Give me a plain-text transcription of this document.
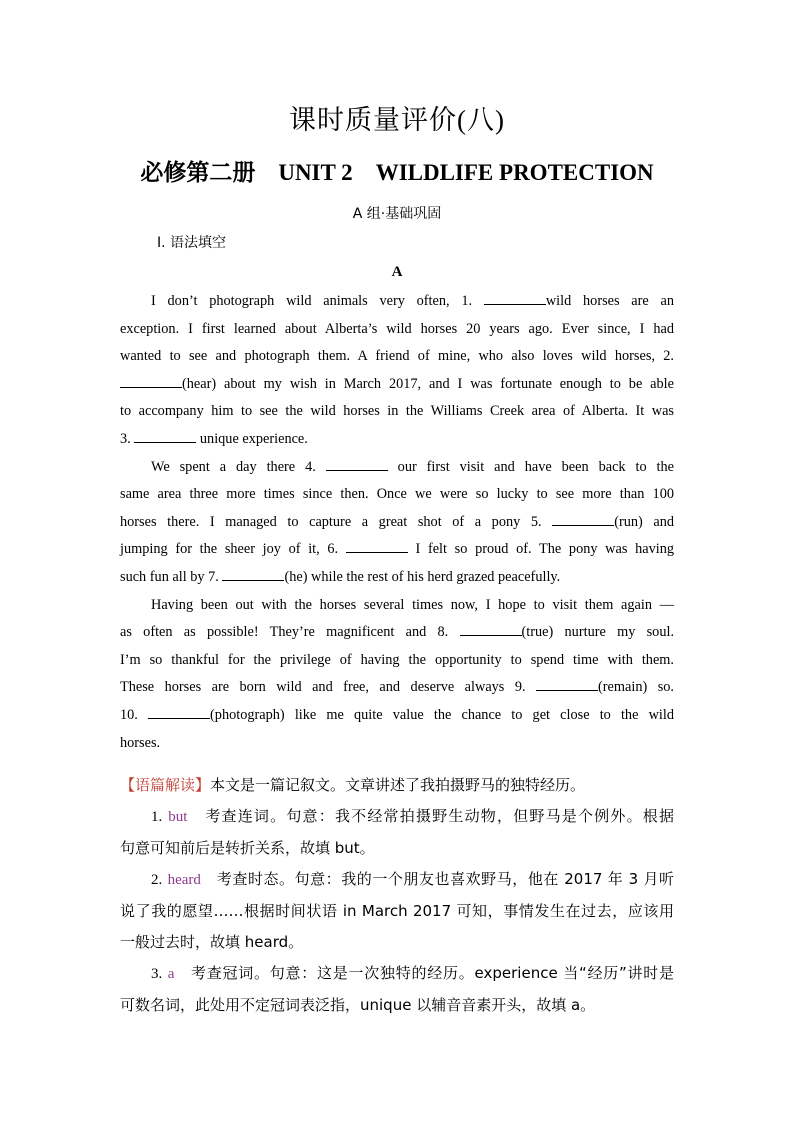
课时质量评价(八)
必修第二册 UNIT 2 WILDLIFE PROTECTION
A 组·基础巩固
Ⅰ. 语法填空
A
I don’t photograph wild animals very often, 1.	wild horses are an
exception. I first learned about Alberta’s wild horses 20 years ago. Ever since, I had
wanted to see and photograph them. A friend of mine, who also loves wild horses, 2.
(hear) about my wish in March 2017, and I was fortunate enough to be able
to accompany him to see the wild horses in the Williams Creek area of Alberta. It was
3.	unique experience.
We spent a day there 4.	our first visit and have been back to the
same area three more times since then. Once we were so lucky to see more than 100
horses there. I managed to capture a great shot of a pony 5.	(run) and
jumping for the sheer joy of it, 6.	I felt so proud of. The pony was having
such fun all by 7.	(he) while the rest of his herd grazed peacefully.
Having been out with the horses several times now, I hope to visit them again —
as often as possible! They’re magnificent and 8.	(true) nurture my soul.
I’m so thankful for the privilege of having the opportunity to spend time with them.
These horses are born wild and free, and deserve always 9.	(remain) so.
10.	(photograph) like me quite value the chance to get close to the wild
horses.
【语篇解读】本文是一篇记叙文。文章讲述了我拍摄野马的独特经历。
1. but 考查连词。句意：我不经常拍摄野生动物，但野马是个例外。根据
句意可知前后是转折关系，故填 but。
2. heard 考查时态。句意：我的一个朋友也喜欢野马，他在 2017 年 3 月听
说了我的愿望……根据时间状语 in March 2017 可知，事情发生在过去，应该用
一般过去时，故填 heard。
3. a 考查冠词。句意：这是一次独特的经历。experience 当“经历”讲时是
可数名词，此处用不定冠词表泛指，unique 以辅音音素开头，故填 a。
